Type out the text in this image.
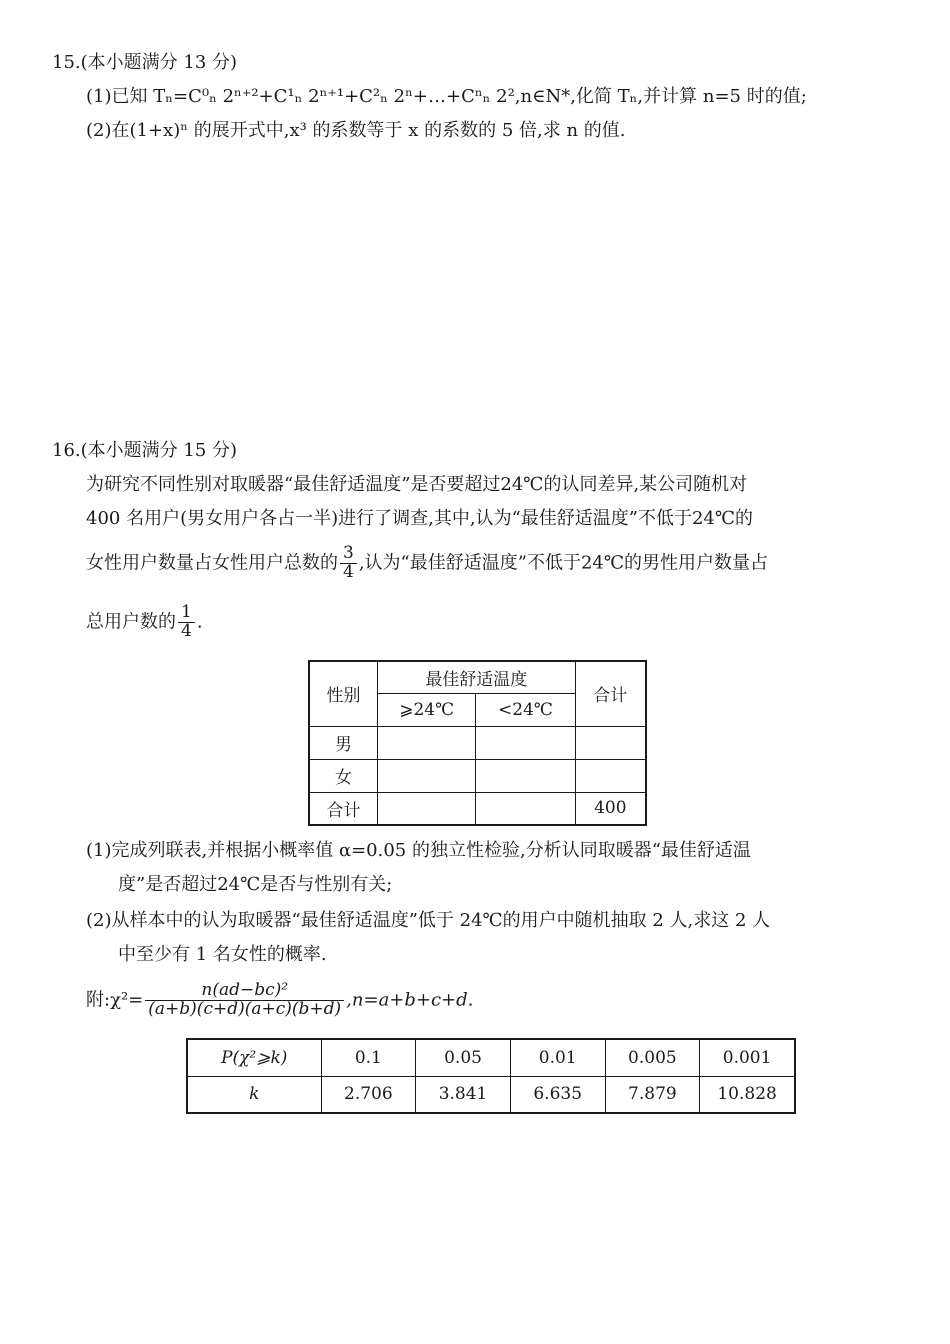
15.(本小题满分 13 分)
(1)已知 Tₙ=C⁰ₙ 2ⁿ⁺²+C¹ₙ 2ⁿ⁺¹+C²ₙ 2ⁿ+…+Cⁿₙ 2²,n∈N*,化简 Tₙ,并计算 n=5 时的值;
(2)在(1+x)ⁿ 的展开式中,x³ 的系数等于 x 的系数的 5 倍,求 n 的值.
16.(本小题满分 15 分)
为研究不同性别对取暖器“最佳舒适温度”是否要超过24℃的认同差异,某公司随机对
400 名用户(男女用户各占一半)进行了调查,其中,认为“最佳舒适温度”不低于24℃的
女性用户数量占女性用户总数的 $\frac{3}{4}$ ,认为“最佳舒适温度”不低于24℃的男性用户数量占
总用户数的 $\frac{1}{4}$ .
性别	最佳舒适温度		合计
	⩾24℃	<24℃	
男			
女			
合计			400
(1)完成列联表,并根据小概率值 α=0.05 的独立性检验,分析认同取暖器“最佳舒适温
度”是否超过24℃是否与性别有关;
(2)从样本中的认为取暖器“最佳舒适温度”低于 24℃的用户中随机抽取 2 人,求这 2 人
中至少有 1 名女性的概率.
附:χ²= $\frac{\text{n(ad−bc)²}}{(a+b)(c+d)(a+c)(b+d)} ,n=a+b+c+d$.
P(χ²⩾k)	0.1	0.05	0.01	0.005	0.001
k	2.706	3.841	6.635	7.879	10.828
